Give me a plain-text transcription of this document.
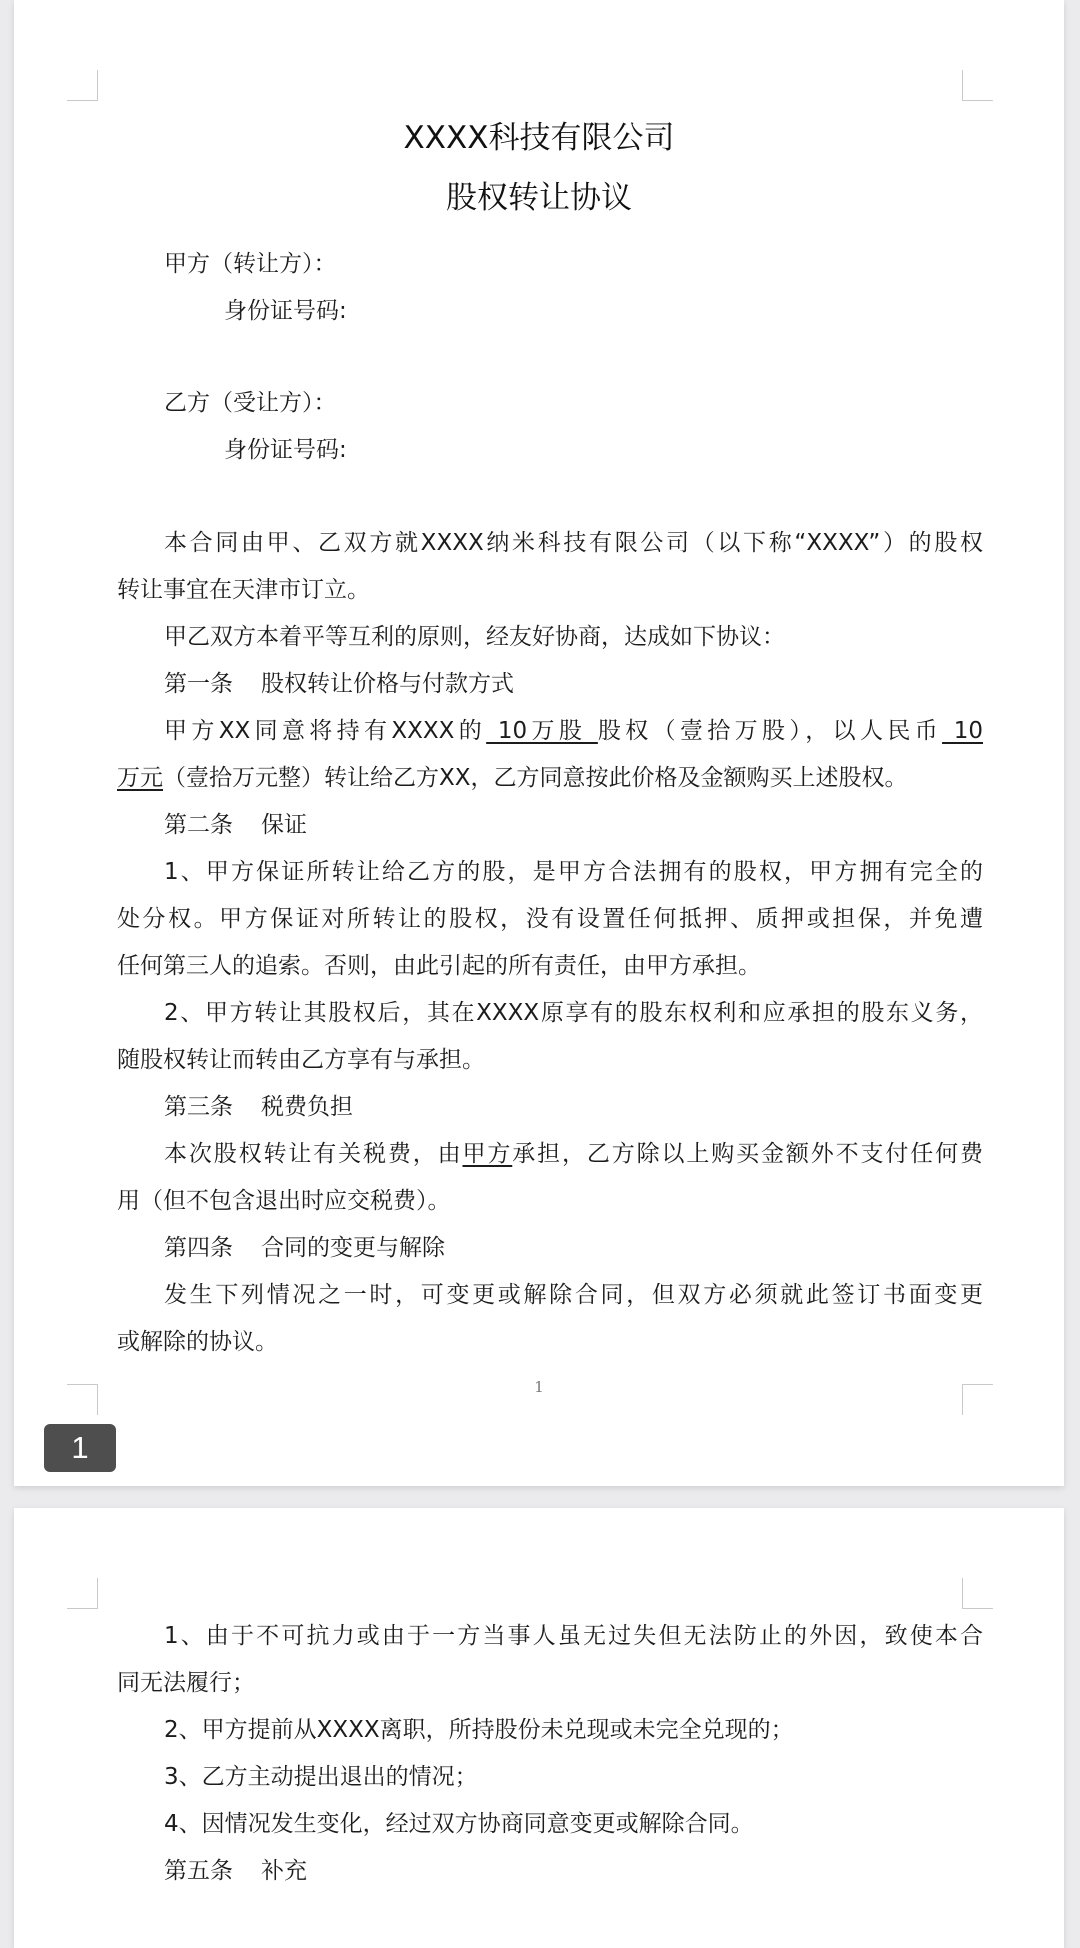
XXXX科技有限公司
股权转让协议
甲方（转让方）：
身份证号码:
乙方（受让方）：
身份证号码:
本合同由甲、乙双方就XXXX纳米科技有限公司（以下称“XXXX”）的股权
转让事宜在天津市订立。
甲乙双方本着平等互利的原则，经友好协商，达成如下协议：
第一条 股权转让价格与付款方式
甲方XX同意将持有XXXX的 10万股 股权（壹拾万股），以人民币 10
万元（壹拾万元整）转让给乙方XX，乙方同意按此价格及金额购买上述股权。
第二条 保证
1、甲方保证所转让给乙方的股，是甲方合法拥有的股权，甲方拥有完全的
处分权。甲方保证对所转让的股权，没有设置任何抵押、质押或担保，并免遭
任何第三人的追索。否则，由此引起的所有责任，由甲方承担。
2、甲方转让其股权后，其在XXXX原享有的股东权利和应承担的股东义务，
随股权转让而转由乙方享有与承担。
第三条 税费负担
本次股权转让有关税费，由甲方承担，乙方除以上购买金额外不支付任何费
用（但不包含退出时应交税费）。
第四条 合同的变更与解除
发生下列情况之一时，可变更或解除合同，但双方必须就此签订书面变更
或解除的协议。
1
1
1、由于不可抗力或由于一方当事人虽无过失但无法防止的外因，致使本合
同无法履行；
2、甲方提前从XXXX离职，所持股份未兑现或未完全兑现的；
3、乙方主动提出退出的情况；
4、因情况发生变化，经过双方协商同意变更或解除合同。
第五条 补充
